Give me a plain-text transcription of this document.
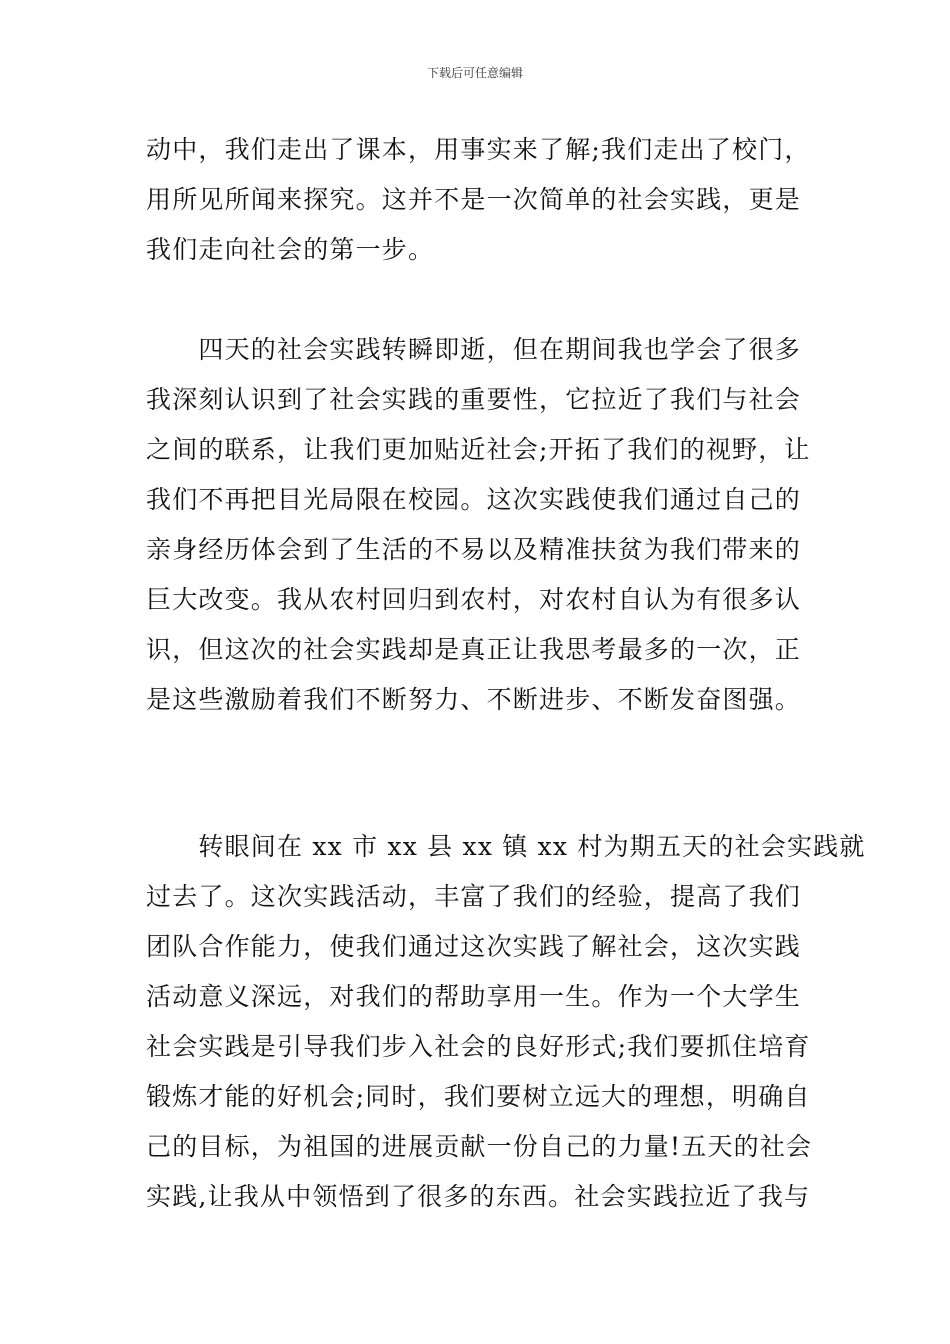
下载后可任意编辑
动中，我们走出了课本，用事实来了解;我们走出了校门，
用所见所闻来探究。这并不是一次简单的社会实践，更是
我们走向社会的第一步。
　　四天的社会实践转瞬即逝，但在期间我也学会了很多
我深刻认识到了社会实践的重要性，它拉近了我们与社会
之间的联系，让我们更加贴近社会;开拓了我们的视野，让
我们不再把目光局限在校园。这次实践使我们通过自己的
亲身经历体会到了生活的不易以及精准扶贫为我们带来的
巨大改变。我从农村回归到农村，对农村自认为有很多认
识，但这次的社会实践却是真正让我思考最多的一次，正
是这些激励着我们不断努力、不断进步、不断发奋图强。
　　转眼间在 xx 市 xx 县 xx 镇 xx 村为期五天的社会实践就
过去了。这次实践活动，丰富了我们的经验，提高了我们
团队合作能力，使我们通过这次实践了解社会，这次实践
活动意义深远，对我们的帮助享用一生。作为一个大学生
社会实践是引导我们步入社会的良好形式;我们要抓住培育
锻炼才能的好机会;同时，我们要树立远大的理想，明确自
己的目标，为祖国的进展贡献一份自己的力量!五天的社会
实践,让我从中领悟到了很多的东西。社会实践拉近了我与
